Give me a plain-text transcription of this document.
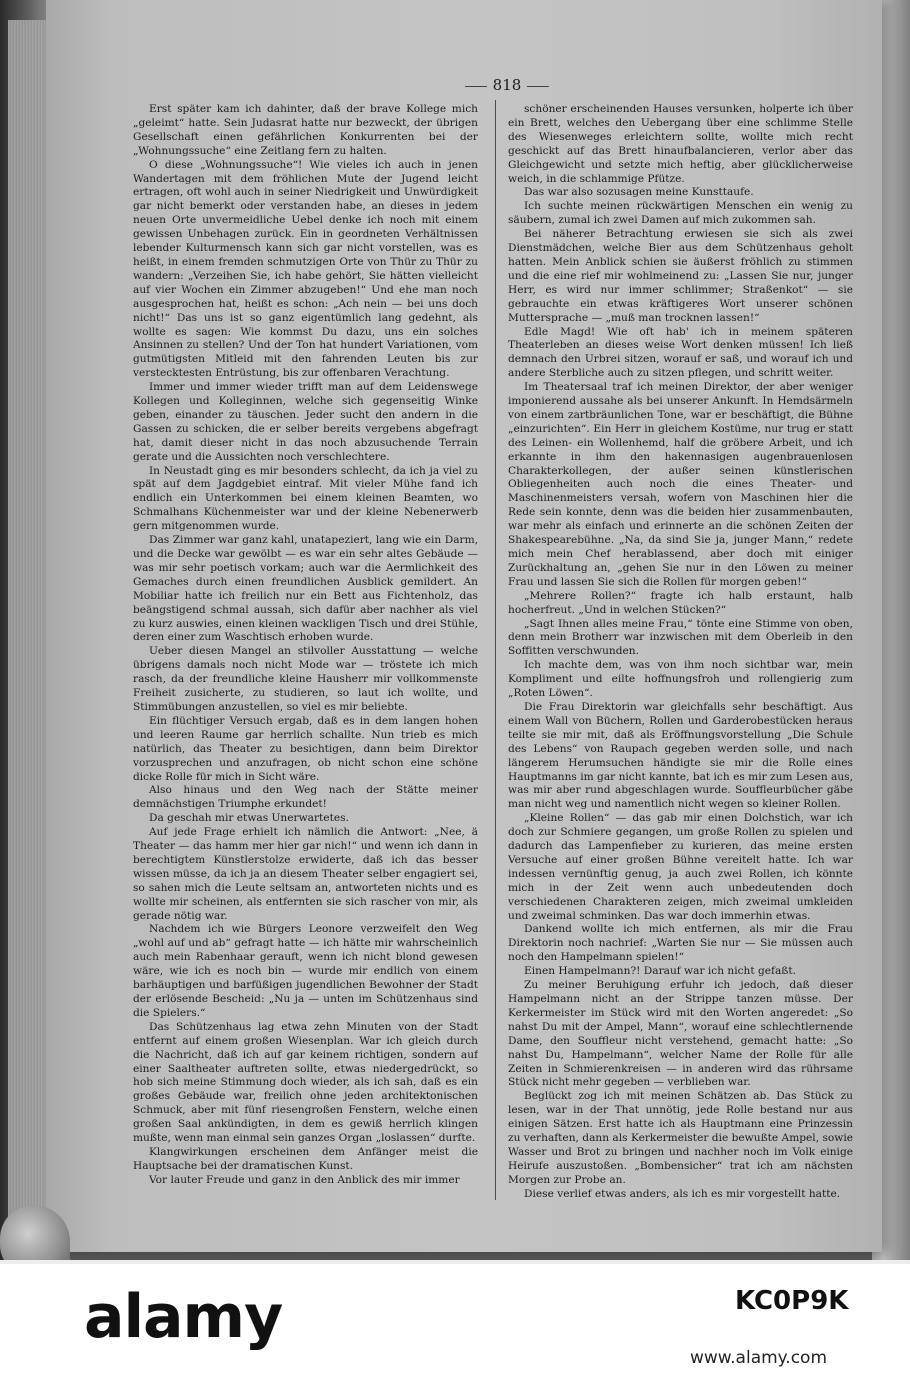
818

Erst später kam ich dahinter, daß der brave Kollege mich „geleimt“ hatte. Sein Judasrat hatte nur bezweckt, der übrigen Gesellschaft einen gefährlichen Konkurrenten bei der „Wohnungssuche“ eine Zeitlang fern zu halten.

O diese „Wohnungssuche“! Wie vieles ich auch in jenen Wandertagen mit dem fröhlichen Mute der Jugend leicht ertragen, oft wohl auch in seiner Niedrigkeit und Unwürdigkeit gar nicht bemerkt oder verstanden habe, an dieses in jedem neuen Orte unvermeidliche Uebel denke ich noch mit einem gewissen Unbehagen zurück. Ein in geordneten Verhältnissen lebender Kulturmensch kann sich gar nicht vorstellen, was es heißt, in einem fremden schmutzigen Orte von Thür zu Thür zu wandern: „Verzeihen Sie, ich habe gehört, Sie hätten vielleicht auf vier Wochen ein Zimmer abzugeben!“ Und ehe man noch ausgesprochen hat, heißt es schon: „Ach nein — bei uns doch nicht!“ Das uns ist so ganz eigentümlich lang gedehnt, als wollte es sagen: Wie kommst Du dazu, uns ein solches Ansinnen zu stellen? Und der Ton hat hundert Variationen, vom gutmütigsten Mitleid mit den fahrenden Leuten bis zur verstecktesten Entrüstung, bis zur offenbaren Verachtung.

Immer und immer wieder trifft man auf dem Leidenswege Kollegen und Kolleginnen, welche sich gegenseitig Winke geben, einander zu täuschen. Jeder sucht den andern in die Gassen zu schicken, die er selber bereits vergebens abgefragt hat, damit dieser nicht in das noch abzusuchende Terrain gerate und die Aussichten noch verschlechtere.

In Neustadt ging es mir besonders schlecht, da ich ja viel zu spät auf dem Jagdgebiet eintraf. Mit vieler Mühe fand ich endlich ein Unterkommen bei einem kleinen Beamten, wo Schmalhans Küchenmeister war und der kleine Nebenerwerb gern mitgenommen wurde.

Das Zimmer war ganz kahl, unatapeziert, lang wie ein Darm, und die Decke war gewölbt — es war ein sehr altes Gebäude — was mir sehr poetisch vorkam; auch war die Aermlichkeit des Gemaches durch einen freundlichen Ausblick gemildert. An Mobiliar hatte ich freilich nur ein Bett aus Fichtenholz, das beängstigend schmal aussah, sich dafür aber nachher als viel zu kurz auswies, einen kleinen wackligen Tisch und drei Stühle, deren einer zum Waschtisch erhoben wurde.

Ueber diesen Mangel an stilvoller Ausstattung — welche übrigens damals noch nicht Mode war — tröstete ich mich rasch, da der freundliche kleine Hausherr mir vollkommenste Freiheit zusicherte, zu studieren, so laut ich wollte, und Stimmübungen anzustellen, so viel es mir beliebte.

Ein flüchtiger Versuch ergab, daß es in dem langen hohen und leeren Raume gar herrlich schallte. Nun trieb es mich natürlich, das Theater zu besichtigen, dann beim Direktor vorzusprechen und anzufragen, ob nicht schon eine schöne dicke Rolle für mich in Sicht wäre.

Also hinaus und den Weg nach der Stätte meiner demnächstigen Triumphe erkundet!

Da geschah mir etwas Unerwartetes.

Auf jede Frage erhielt ich nämlich die Antwort: „Nee, ä Theater — das hamm mer hier gar nich!“ und wenn ich dann in berechtigtem Künstlerstolze erwiderte, daß ich das besser wissen müsse, da ich ja an diesem Theater selber engagiert sei, so sahen mich die Leute seltsam an, antworteten nichts und es wollte mir scheinen, als entfernten sie sich rascher von mir, als gerade nötig war.

Nachdem ich wie Bürgers Leonore verzweifelt den Weg „wohl auf und ab“ gefragt hatte — ich hätte mir wahrscheinlich auch mein Rabenhaar gerauft, wenn ich nicht blond gewesen wäre, wie ich es noch bin — wurde mir endlich von einem barhäuptigen und barfüßigen jugendlichen Bewohner der Stadt der erlösende Bescheid: „Nu ja — unten im Schützenhaus sind die Spielers.“

Das Schützenhaus lag etwa zehn Minuten von der Stadt entfernt auf einem großen Wiesenplan. War ich gleich durch die Nachricht, daß ich auf gar keinem richtigen, sondern auf einer Saaltheater auftreten sollte, etwas niedergedrückt, so hob sich meine Stimmung doch wieder, als ich sah, daß es ein großes Gebäude war, freilich ohne jeden architektonischen Schmuck, aber mit fünf riesengroßen Fenstern, welche einen großen Saal ankündigten, in dem es gewiß herrlich klingen mußte, wenn man einmal sein ganzes Organ „loslassen“ durfte.

Klangwirkungen erscheinen dem Anfänger meist die Hauptsache bei der dramatischen Kunst.

Vor lauter Freude und ganz in den Anblick des mir immer

schöner erscheinenden Hauses versunken, holperte ich über ein Brett, welches den Uebergang über eine schlimme Stelle des Wiesenweges erleichtern sollte, wollte mich recht geschickt auf das Brett hinaufbalancieren, verlor aber das Gleichgewicht und setzte mich heftig, aber glücklicherweise weich, in die schlammige Pfütze.

Das war also sozusagen meine Kunsttaufe.

Ich suchte meinen rückwärtigen Menschen ein wenig zu säubern, zumal ich zwei Damen auf mich zukommen sah.

Bei näherer Betrachtung erwiesen sie sich als zwei Dienstmädchen, welche Bier aus dem Schützenhaus geholt hatten. Mein Anblick schien sie äußerst fröhlich zu stimmen und die eine rief mir wohlmeinend zu: „Lassen Sie nur, junger Herr, es wird nur immer schlimmer; Straßenkot“ — sie gebrauchte ein etwas kräftigeres Wort unserer schönen Muttersprache — „muß man trocknen lassen!“

Edle Magd! Wie oft hab' ich in meinem späteren Theaterleben an dieses weise Wort denken müssen! Ich ließ demnach den Urbrei sitzen, worauf er saß, und worauf ich und andere Sterbliche auch zu sitzen pflegen, und schritt weiter.

Im Theatersaal traf ich meinen Direktor, der aber weniger imponierend aussahe als bei unserer Ankunft. In Hemdsärmeln von einem zartbräunlichen Tone, war er beschäftigt, die Bühne „einzurichten“. Ein Herr in gleichem Kostüme, nur trug er statt des Leinen- ein Wollenhemd, half die gröbere Arbeit, und ich erkannte in ihm den hakennasigen augenbrauenlosen Charakterkollegen, der außer seinen künstlerischen Obliegenheiten auch noch die eines Theater- und Maschinenmeisters versah, wofern von Maschinen hier die Rede sein konnte, denn was die beiden hier zusammenbauten, war mehr als einfach und erinnerte an die schönen Zeiten der Shakespearebühne. „Na, da sind Sie ja, junger Mann,“ redete mich mein Chef herablassend, aber doch mit einiger Zurückhaltung an, „gehen Sie nur in den Löwen zu meiner Frau und lassen Sie sich die Rollen für morgen geben!“

„Mehrere Rollen?“ fragte ich halb erstaunt, halb hocherfreut. „Und in welchen Stücken?“

„Sagt Ihnen alles meine Frau,“ tönte eine Stimme von oben, denn mein Brotherr war inzwischen mit dem Oberleib in den Soffitten verschwunden.

Ich machte dem, was von ihm noch sichtbar war, mein Kompliment und eilte hoffnungsfroh und rollengierig zum „Roten Löwen“.

Die Frau Direktorin war gleichfalls sehr beschäftigt. Aus einem Wall von Büchern, Rollen und Garderobestücken heraus teilte sie mir mit, daß als Eröffnungsvorstellung „Die Schule des Lebens“ von Raupach gegeben werden solle, und nach längerem Herumsuchen händigte sie mir die Rolle eines Hauptmanns im gar nicht kannte, bat ich es mir zum Lesen aus, was mir aber rund abgeschlagen wurde. Souffleurbücher gäbe man nicht weg und namentlich nicht wegen so kleiner Rollen.

„Kleine Rollen“ — das gab mir einen Dolchstich, war ich doch zur Schmiere gegangen, um große Rollen zu spielen und dadurch das Lampenfieber zu kurieren, das meine ersten Versuche auf einer großen Bühne vereitelt hatte. Ich war indessen vernünftig genug, ja auch zwei Rollen, ich könnte mich in der Zeit wenn auch unbedeutenden doch verschiedenen Charakteren zeigen, mich zweimal umkleiden und zweimal schminken. Das war doch immerhin etwas.

Dankend wollte ich mich entfernen, als mir die Frau Direktorin noch nachrief: „Warten Sie nur — Sie müssen auch noch den Hampelmann spielen!“

Einen Hampelmann?! Darauf war ich nicht gefaßt.

Zu meiner Beruhigung erfuhr ich jedoch, daß dieser Hampelmann nicht an der Strippe tanzen müsse. Der Kerkermeister im Stück wird mit den Worten angeredet: „So nahst Du mit der Ampel, Mann“, worauf eine schlechtlernende Dame, den Souffleur nicht verstehend, gemacht hatte: „So nahst Du, Hampelmann“, welcher Name der Rolle für alle Zeiten in Schmierenkreisen — in anderen wird das rührsame Stück nicht mehr gegeben — verblieben war.

Beglückt zog ich mit meinen Schätzen ab. Das Stück zu lesen, war in der That unnötig, jede Rolle bestand nur aus einigen Sätzen. Erst hatte ich als Hauptmann eine Prinzessin zu verhaften, dann als Kerkermeister die bewußte Ampel, sowie Wasser und Brot zu bringen und nachher noch im Volk einige Heirufe auszustoßen. „Bombensicher“ trat ich am nächsten Morgen zur Probe an.

Diese verlief etwas anders, als ich es mir vorgestellt hatte.

alamy	KC0P9K
www.alamy.com
